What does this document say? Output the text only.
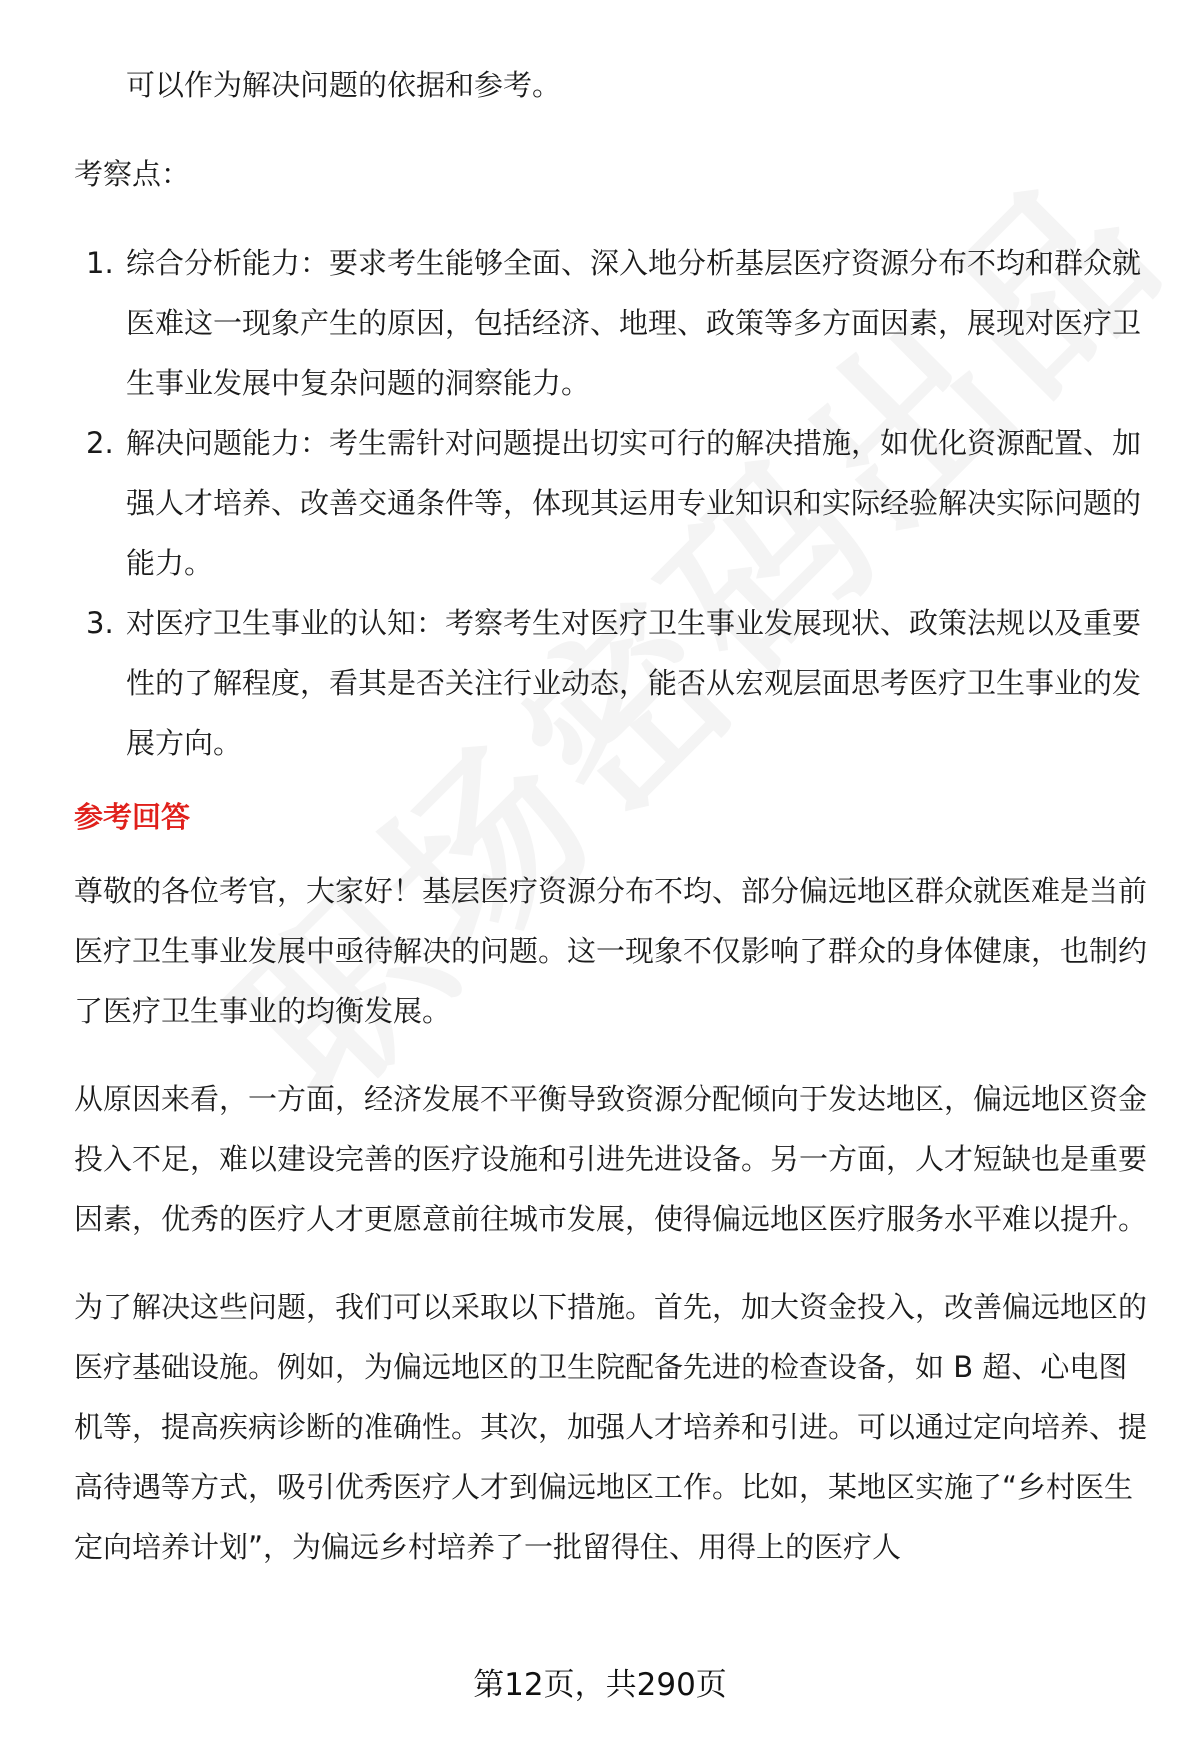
可以作为解决问题的依据和参考。

考察点：

1. 综合分析能力：要求考生能够全面、深入地分析基层医疗资源分布不均和群众就医难这一现象产生的原因，包括经济、地理、政策等多方面因素，展现对医疗卫生事业发展中复杂问题的洞察能力。
2. 解决问题能力：考生需针对问题提出切实可行的解决措施，如优化资源配置、加强人才培养、改善交通条件等，体现其运用专业知识和实际经验解决实际问题的能力。
3. 对医疗卫生事业的认知：考察考生对医疗卫生事业发展现状、政策法规以及重要性的了解程度，看其是否关注行业动态，能否从宏观层面思考医疗卫生事业的发展方向。
参考回答

尊敬的各位考官，大家好！基层医疗资源分布不均、部分偏远地区群众就医难是当前医疗卫生事业发展中亟待解决的问题。这一现象不仅影响了群众的身体健康，也制约了医疗卫生事业的均衡发展。

从原因来看，一方面，经济发展不平衡导致资源分配倾向于发达地区，偏远地区资金投入不足，难以建设完善的医疗设施和引进先进设备。另一方面，人才短缺也是重要因素，优秀的医疗人才更愿意前往城市发展，使得偏远地区医疗服务水平难以提升。

为了解决这些问题，我们可以采取以下措施。首先，加大资金投入，改善偏远地区的医疗基础设施。例如，为偏远地区的卫生院配备先进的检查设备，如 B 超、心电图机等，提高疾病诊断的准确性。其次，加强人才培养和引进。可以通过定向培养、提高待遇等方式，吸引优秀医疗人才到偏远地区工作。比如，某地区实施了“乡村医生定向培养计划”，为偏远乡村培养了一批留得住、用得上的医疗人

第12页，共290页
